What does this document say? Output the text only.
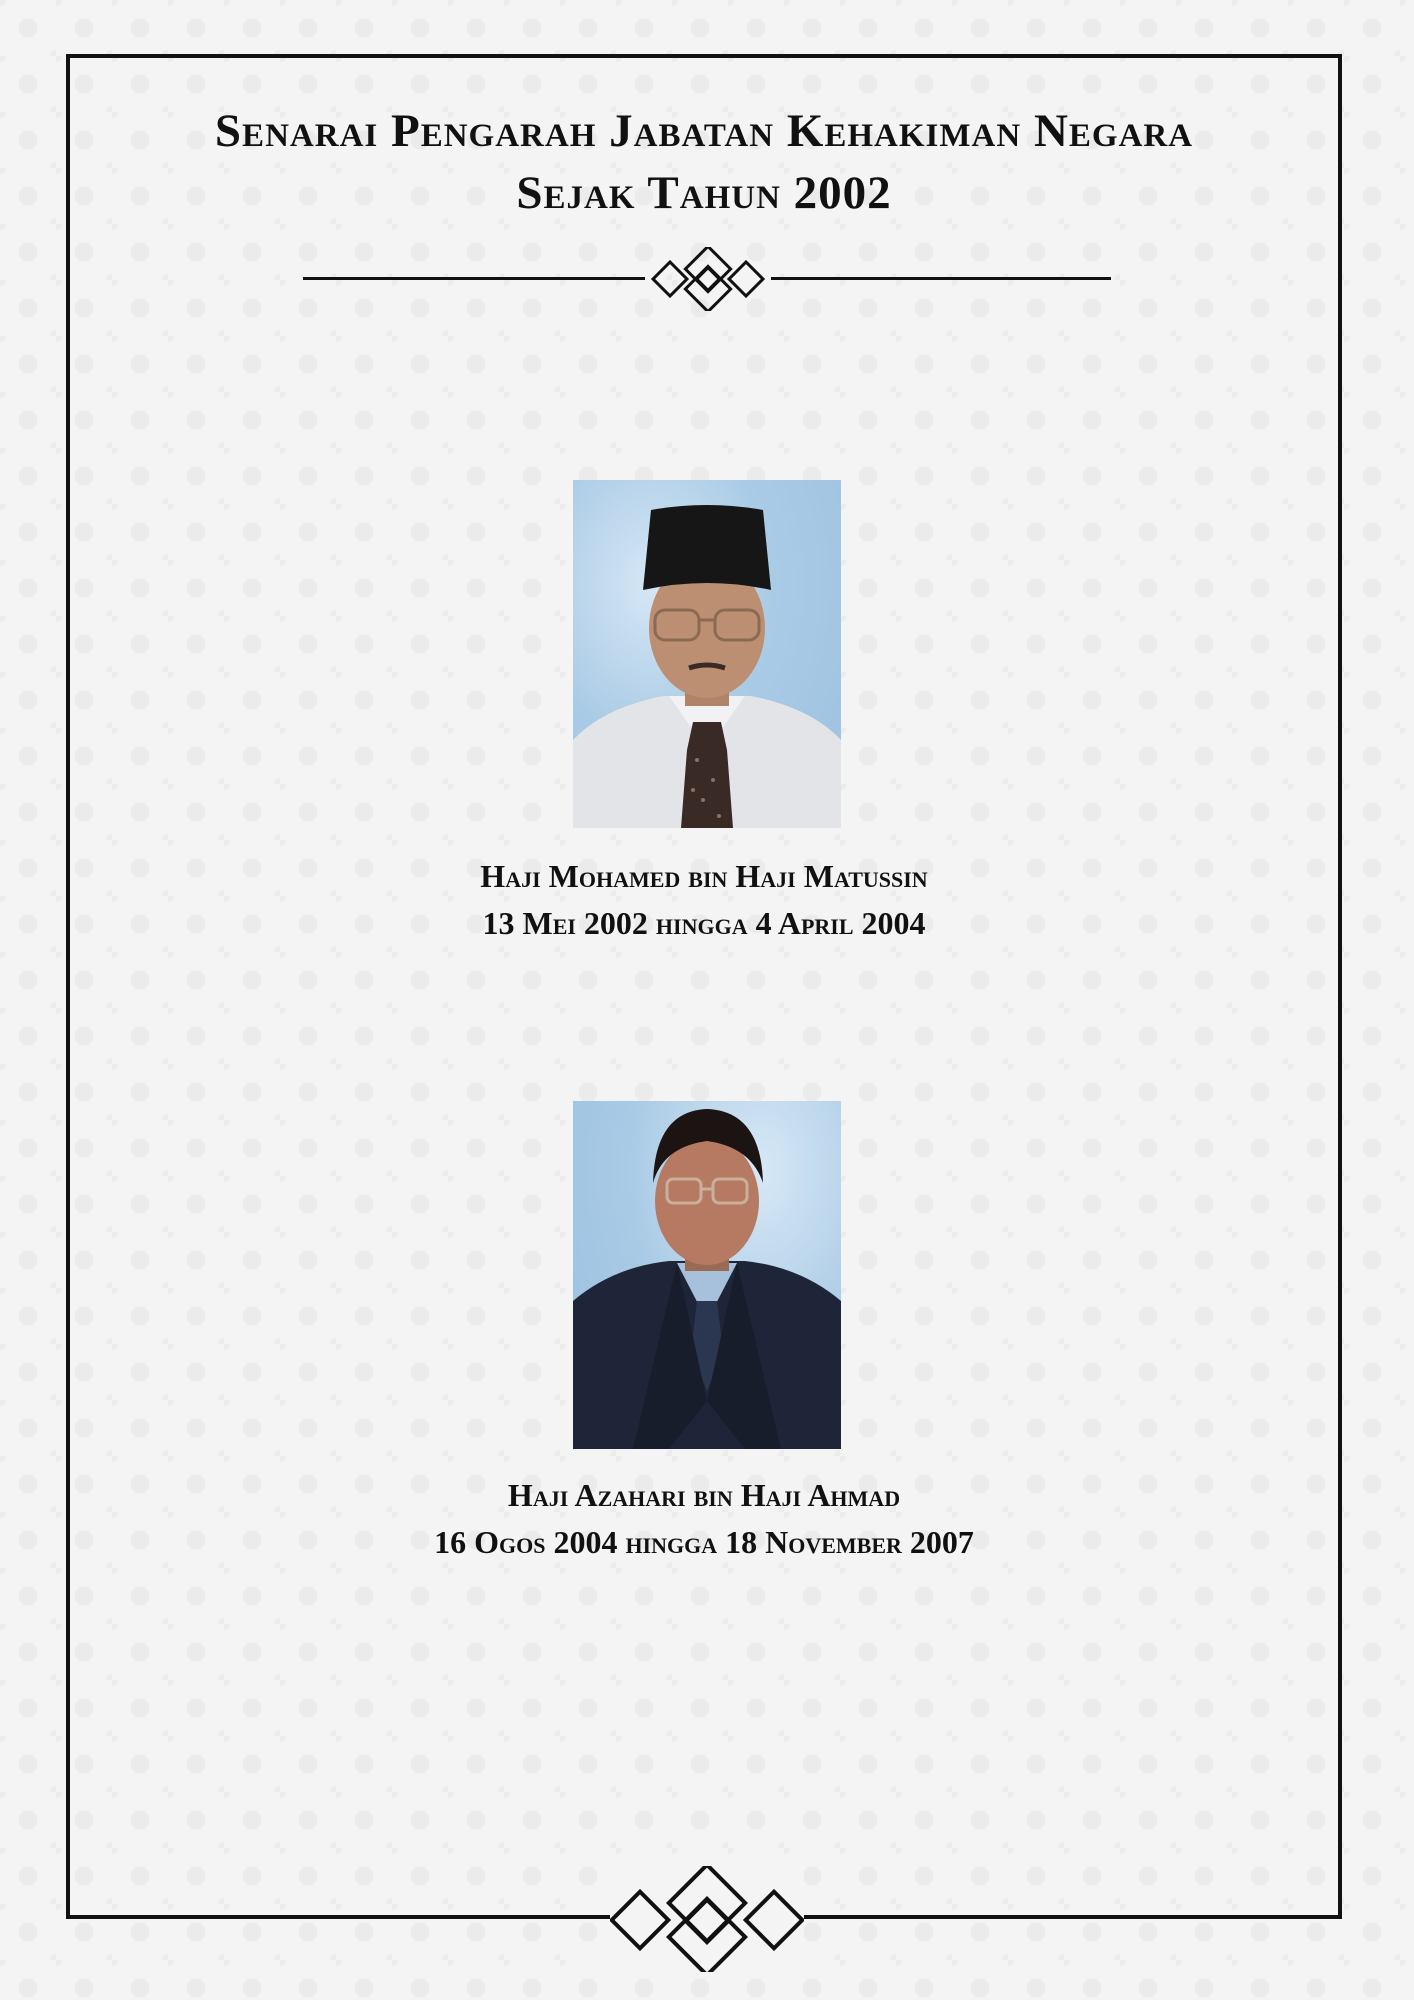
Senarai Pengarah Jabatan Kehakiman Negara
Sejak Tahun 2002

Haji Mohamed bin Haji Matussin

13 Mei 2002 hingga 4 April 2004

Haji Azahari bin Haji Ahmad

16 Ogos 2004 hingga 18 November 2007
